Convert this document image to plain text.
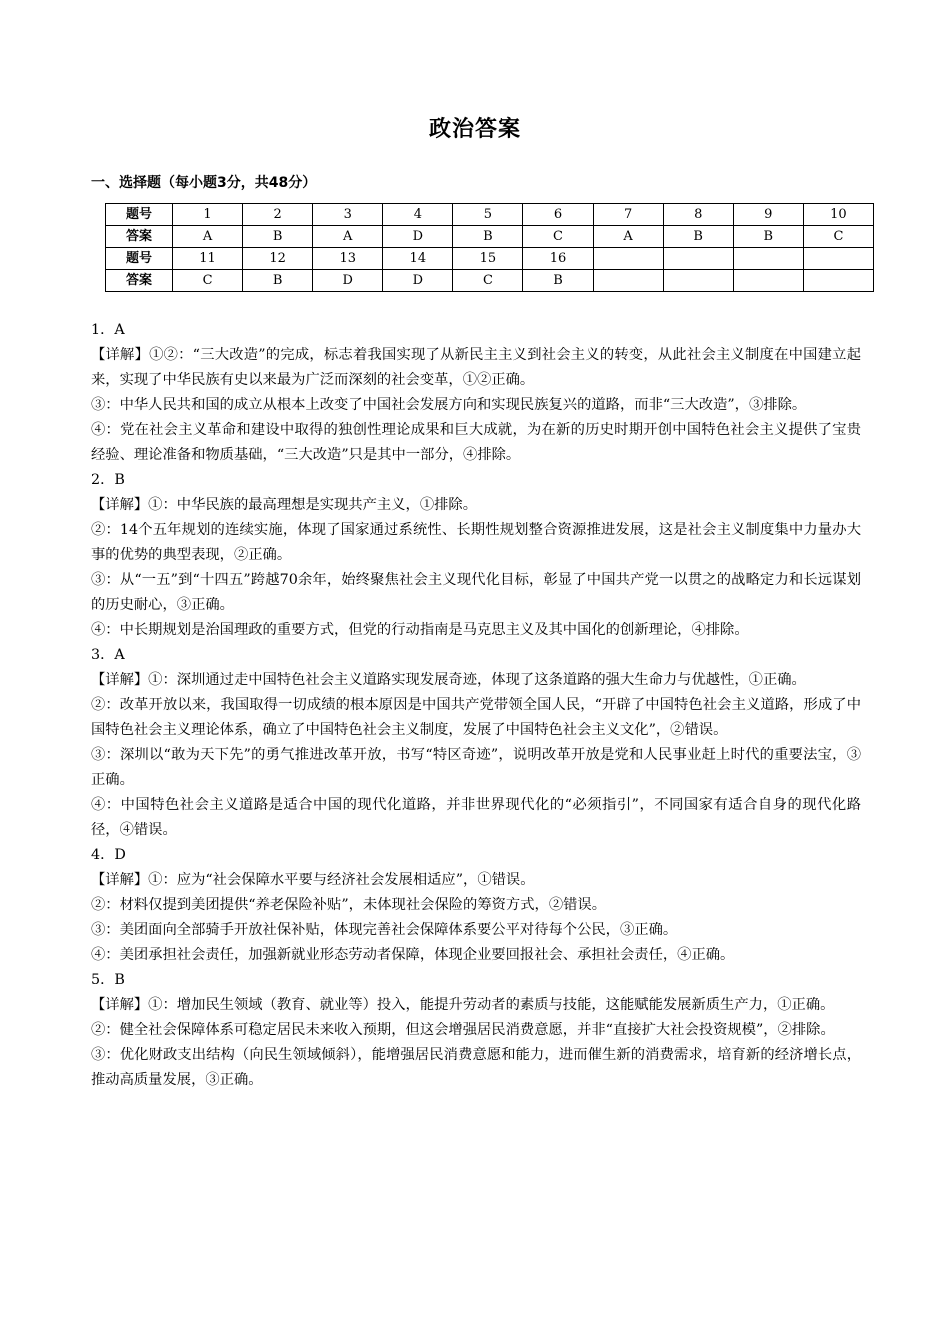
政治答案
一、选择题（每小题3分，共48分）
题号	1	2	3	4	5	6	7	8	9	10
答案	A	B	A	D	B	C	A	B	B	C
题号	11	12	13	14	15	16				
答案	C	B	D	D	C	B				
1．A
【详解】①②：“三大改造”的完成，标志着我国实现了从新民主主义到社会主义的转变，从此社会主义制度在中国建立起来，实现了中华民族有史以来最为广泛而深刻的社会变革，①②正确。
③：中华人民共和国的成立从根本上改变了中国社会发展方向和实现民族复兴的道路，而非“三大改造”，③排除。
④：党在社会主义革命和建设中取得的独创性理论成果和巨大成就，为在新的历史时期开创中国特色社会主义提供了宝贵经验、理论准备和物质基础，“三大改造”只是其中一部分，④排除。
2．B
【详解】①：中华民族的最高理想是实现共产主义，①排除。
②：14个五年规划的连续实施，体现了国家通过系统性、长期性规划整合资源推进发展，这是社会主义制度集中力量办大事的优势的典型表现，②正确。
③：从“一五”到“十四五”跨越70余年，始终聚焦社会主义现代化目标，彰显了中国共产党一以贯之的战略定力和长远谋划的历史耐心，③正确。
④：中长期规划是治国理政的重要方式，但党的行动指南是马克思主义及其中国化的创新理论，④排除。
3．A
【详解】①：深圳通过走中国特色社会主义道路实现发展奇迹，体现了这条道路的强大生命力与优越性，①正确。
②：改革开放以来，我国取得一切成绩的根本原因是中国共产党带领全国人民，“开辟了中国特色社会主义道路，形成了中国特色社会主义理论体系，确立了中国特色社会主义制度，发展了中国特色社会主义文化”，②错误。
③：深圳以“敢为天下先”的勇气推进改革开放，书写“特区奇迹”，说明改革开放是党和人民事业赶上时代的重要法宝，③正确。
④：中国特色社会主义道路是适合中国的现代化道路，并非世界现代化的“必须指引”，不同国家有适合自身的现代化路径，④错误。
4．D
【详解】①：应为“社会保障水平要与经济社会发展相适应”，①错误。
②：材料仅提到美团提供“养老保险补贴”，未体现社会保险的筹资方式，②错误。
③：美团面向全部骑手开放社保补贴，体现完善社会保障体系要公平对待每个公民，③正确。
④：美团承担社会责任，加强新就业形态劳动者保障，体现企业要回报社会、承担社会责任，④正确。
5．B
【详解】①：增加民生领域（教育、就业等）投入，能提升劳动者的素质与技能，这能赋能发展新质生产力，①正确。
②：健全社会保障体系可稳定居民未来收入预期，但这会增强居民消费意愿，并非“直接扩大社会投资规模”，②排除。
③：优化财政支出结构（向民生领域倾斜），能增强居民消费意愿和能力，进而催生新的消费需求，培育新的经济增长点，推动高质量发展，③正确。
